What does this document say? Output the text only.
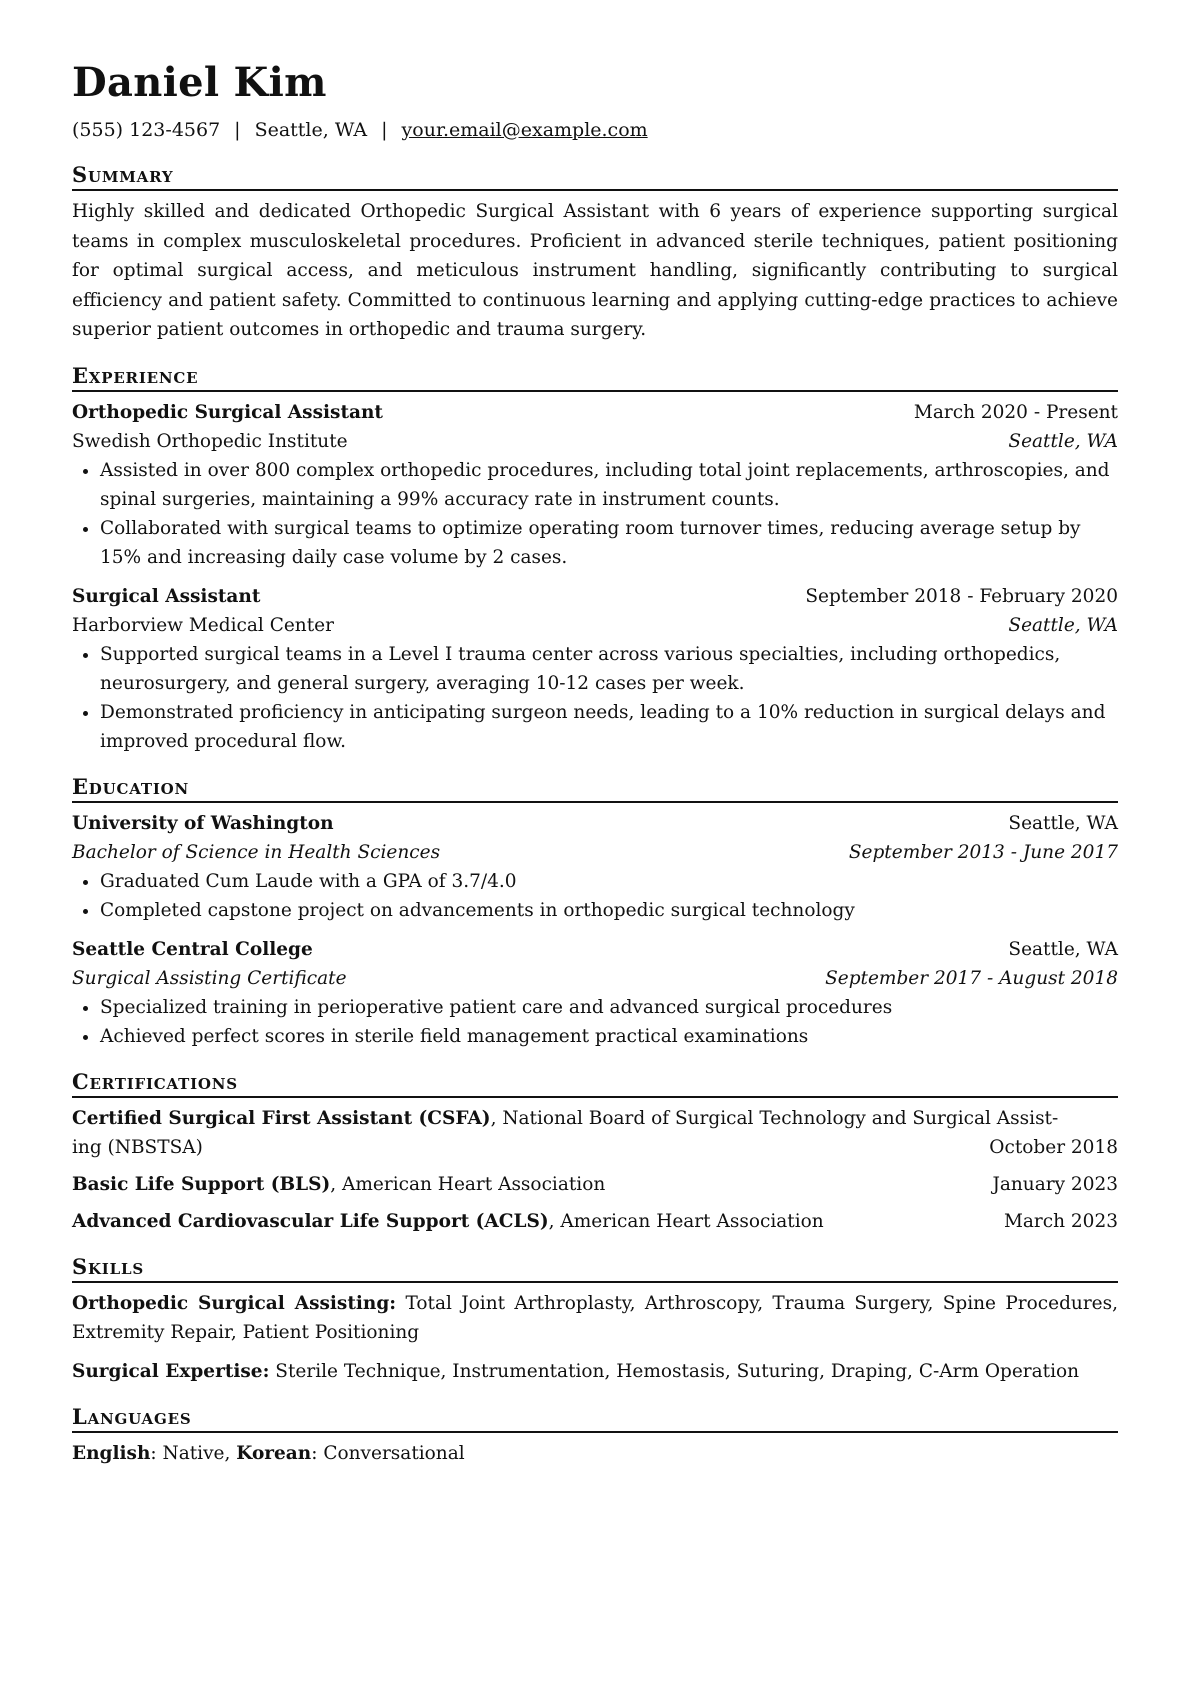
Daniel Kim
(555) 123-4567 | Seattle, WA | your.email@example.com
Summary

Highly skilled and dedicated Orthopedic Surgical Assistant with 6 years of experience supporting surgical teams in complex musculoskeletal procedures. Proficient in advanced sterile techniques, patient positioning for optimal surgical access, and meticulous instrument handling, significantly contributing to surgical efficiency and patient safety. Committed to continuous learning and applying cutting-edge practices to achieve superior patient outcomes in orthopedic and trauma surgery.

Experience
Orthopedic Surgical Assistant	March 2020 - Present
Swedish Orthopedic Institute	Seattle, WA
• Assisted in over 800 complex orthopedic procedures, including total joint replacements, arthroscopies, and spinal surgeries, maintaining a 99% accuracy rate in instrument counts.
• Collaborated with surgical teams to optimize operating room turnover times, reducing average setup by 15% and increasing daily case volume by 2 cases.
Surgical Assistant	September 2018 - February 2020
Harborview Medical Center	Seattle, WA
• Supported surgical teams in a Level I trauma center across various specialties, including orthopedics, neurosurgery, and general surgery, averaging 10-12 cases per week.
• Demonstrated proficiency in anticipating surgeon needs, leading to a 10% reduction in surgical delays and improved procedural flow.
Education
University of Washington	Seattle, WA
Bachelor of Science in Health Sciences	September 2013 - June 2017
• Graduated Cum Laude with a GPA of 3.7/4.0
• Completed capstone project on advancements in orthopedic surgical technology
Seattle Central College	Seattle, WA
Surgical Assisting Certificate	September 2017 - August 2018
• Specialized training in perioperative patient care and advanced surgical procedures
• Achieved perfect scores in sterile field management practical examinations
Certifications
Certified Surgical First Assistant (CSFA), National Board of Surgical Technology and Surgical Assist-
ing (NBSTSA)	October 2018
Basic Life Support (BLS), American Heart Association	January 2023
Advanced Cardiovascular Life Support (ACLS), American Heart Association	March 2023
Skills
Orthopedic Surgical Assisting: Total Joint Arthroplasty, Arthroscopy, Trauma Surgery, Spine Procedures, Extremity Repair, Patient Positioning
Surgical Expertise: Sterile Technique, Instrumentation, Hemostasis, Suturing, Draping, C-Arm Operation
Languages
English: Native, Korean: Conversational
